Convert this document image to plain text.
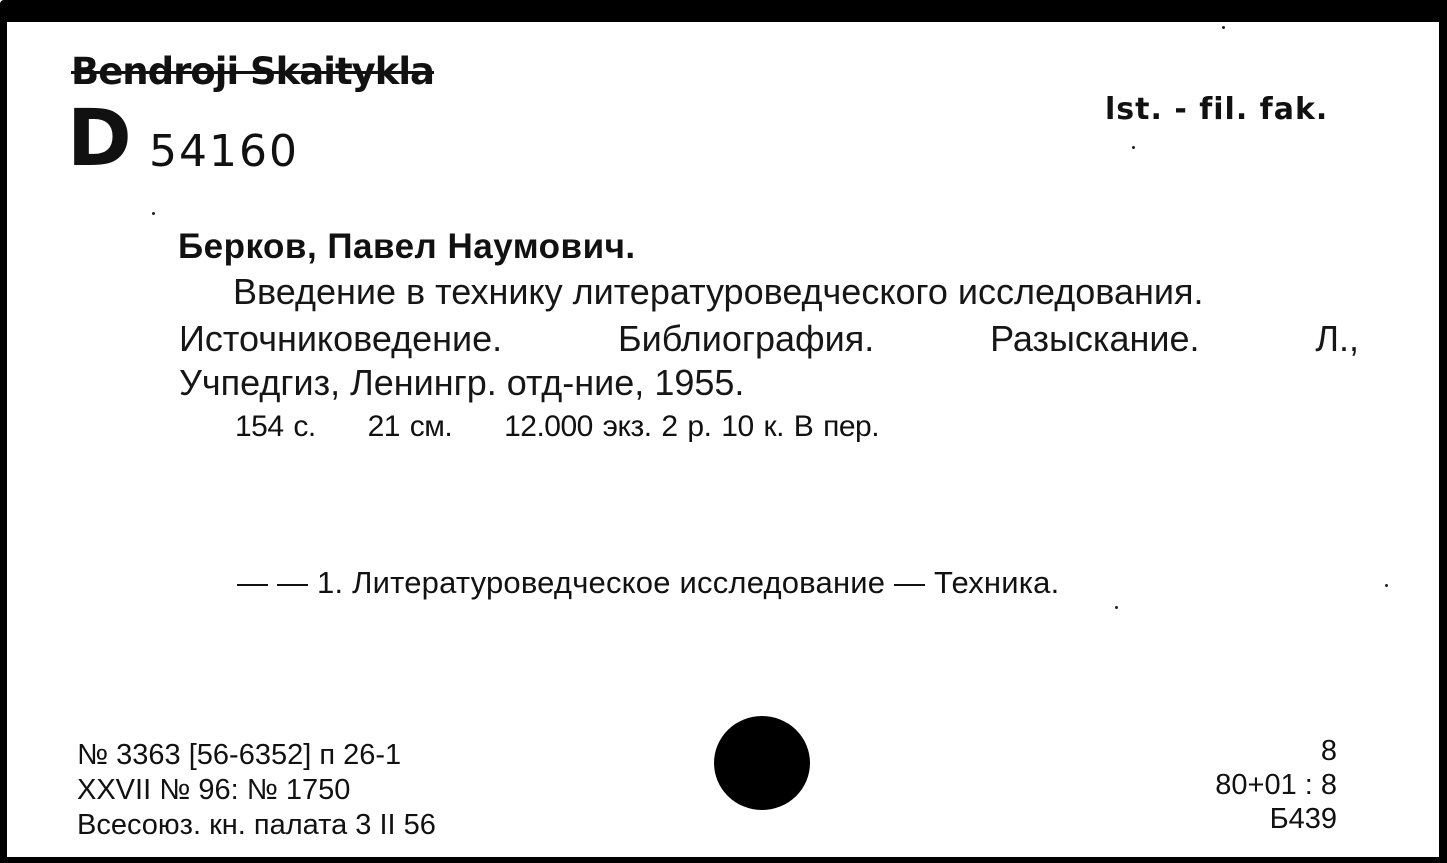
Bendroji Skaitykla
lst. - fil. fak.
D 54160
Берков, Павел Наумович.
Введение в технику литературоведческого исследования.
Источниковедение.	Библиография.	Разыскание.	Л.,
Учпедгиз, Ленингр. отд-ние, 1955.
154 с. 21 см. 12.000 экз. 2 р. 10 к. В пер.
— — 1. Литературоведческое исследование — Техника.
№ 3363 [56-6352] п 26-1
XXVII № 96: № 1750
Всесоюз. кн. палата 3 II 56
8
80+01 : 8
Б439
